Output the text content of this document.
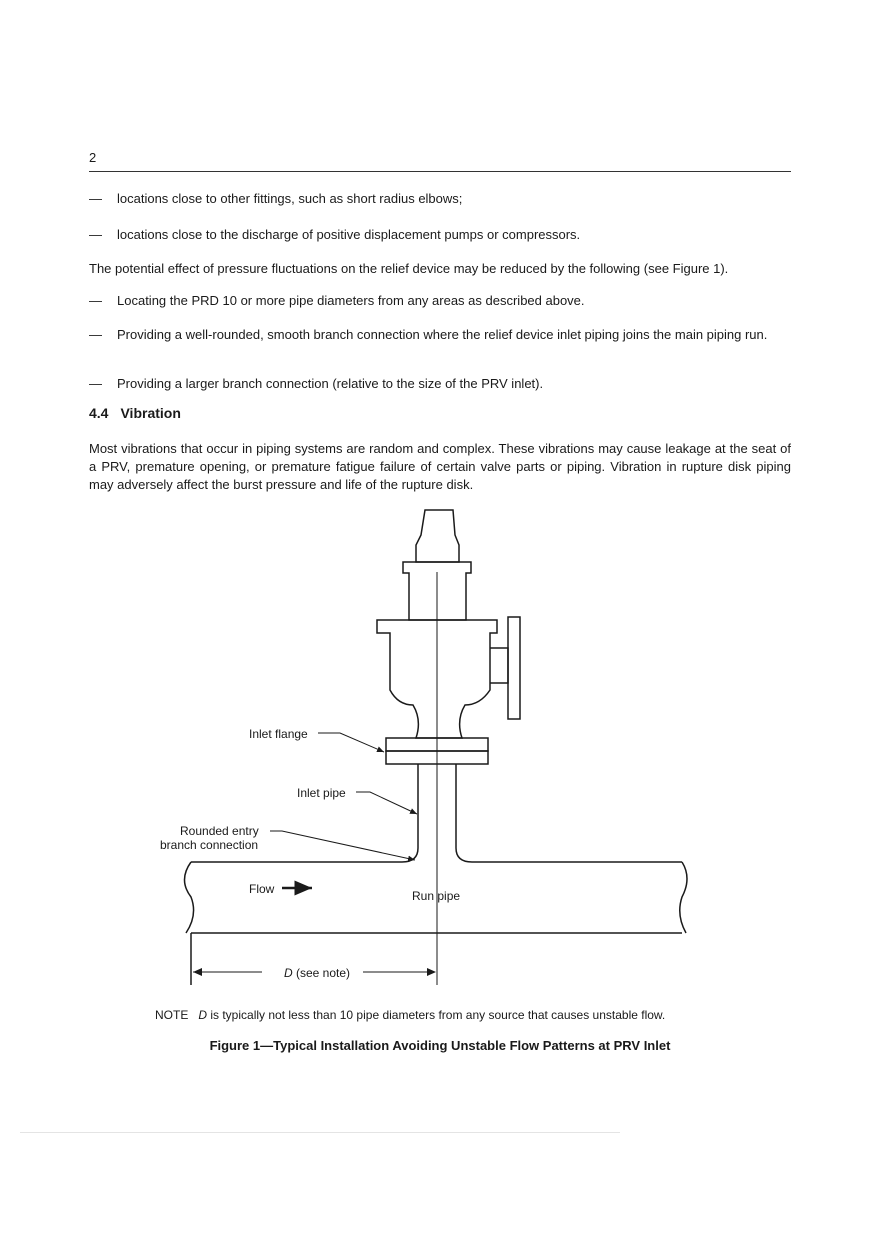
2
—	locations close to other fittings, such as short radius elbows;
—	locations close to the discharge of positive displacement pumps or compressors.
The potential effect of pressure fluctuations on the relief device may be reduced by the following (see Figure 1).
—	Locating the PRD 10 or more pipe diameters from any areas as described above.
—	Providing a well-rounded, smooth branch connection where the relief device inlet piping joins the main piping run.
—	Providing a larger branch connection (relative to the size of the PRV inlet).
4.4 Vibration
Most vibrations that occur in piping systems are random and complex. These vibrations may cause leakage at the seat of a PRV, premature opening, or premature fatigue failure of certain valve parts or piping. Vibration in rupture disk piping may adversely affect the burst pressure and life of the rupture disk.
Inlet flange
Inlet pipe
Rounded entry
branch connection
Flow	Run pipe
D (see note)
NOTE D is typically not less than 10 pipe diameters from any source that causes unstable flow.
Figure 1—Typical Installation Avoiding Unstable Flow Patterns at PRV Inlet
